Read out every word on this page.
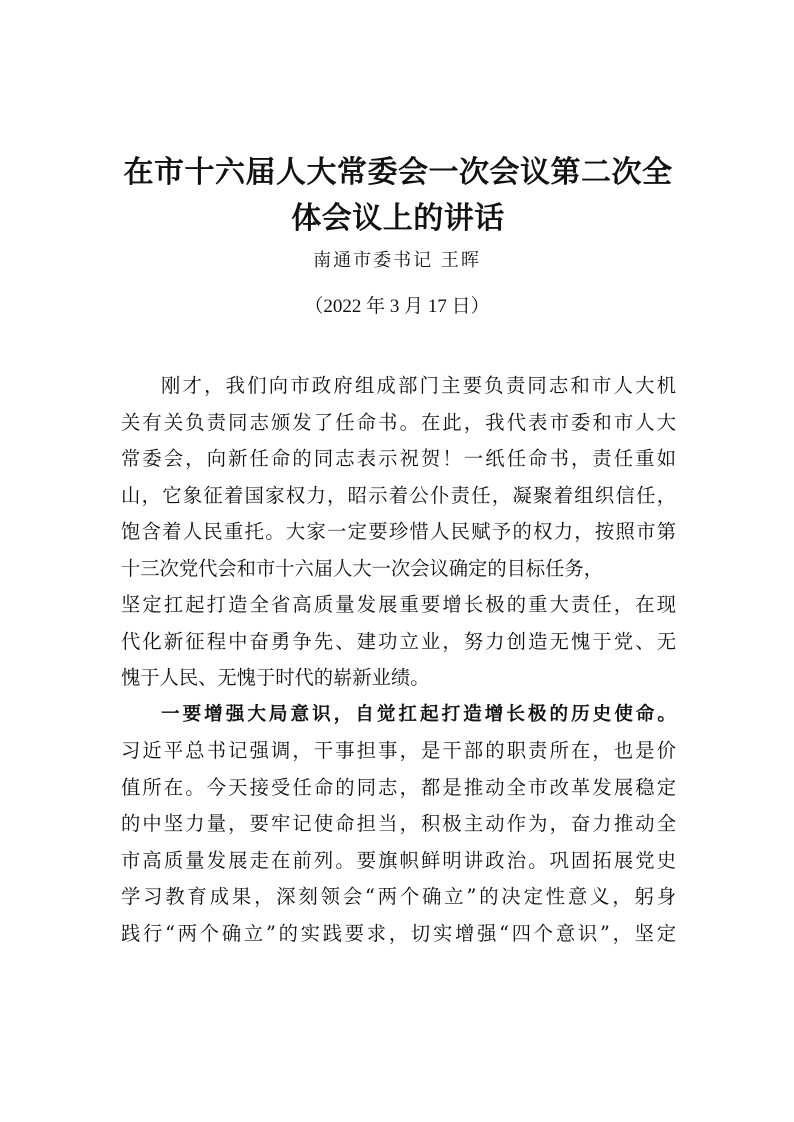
在市十六届人大常委会一次会议第二次全
体会议上的讲话
南通市委书记 王晖
（2022 年 3 月 17 日）
刚才，我们向市政府组成部门主要负责同志和市人大机
关有关负责同志颁发了任命书。在此，我代表市委和市人大
常委会，向新任命的同志表示祝贺！一纸任命书，责任重如
山，它象征着国家权力，昭示着公仆责任，凝聚着组织信任，
饱含着人民重托。大家一定要珍惜人民赋予的权力，按照市第
十三次党代会和市十六届人大一次会议确定的目标任务，
坚定扛起打造全省高质量发展重要增长极的重大责任，在现
代化新征程中奋勇争先、建功立业，努力创造无愧于党、无
愧于人民、无愧于时代的崭新业绩。
一要增强大局意识，自觉扛起打造增长极的历史使命。
习近平总书记强调，干事担事，是干部的职责所在，也是价
值所在。今天接受任命的同志，都是推动全市改革发展稳定
的中坚力量，要牢记使命担当，积极主动作为，奋力推动全
市高质量发展走在前列。要旗帜鲜明讲政治。巩固拓展党史
学习教育成果，深刻领会“两个确立”的决定性意义，躬身
践行“两个确立”的实践要求，切实增强“四个意识”，坚定
